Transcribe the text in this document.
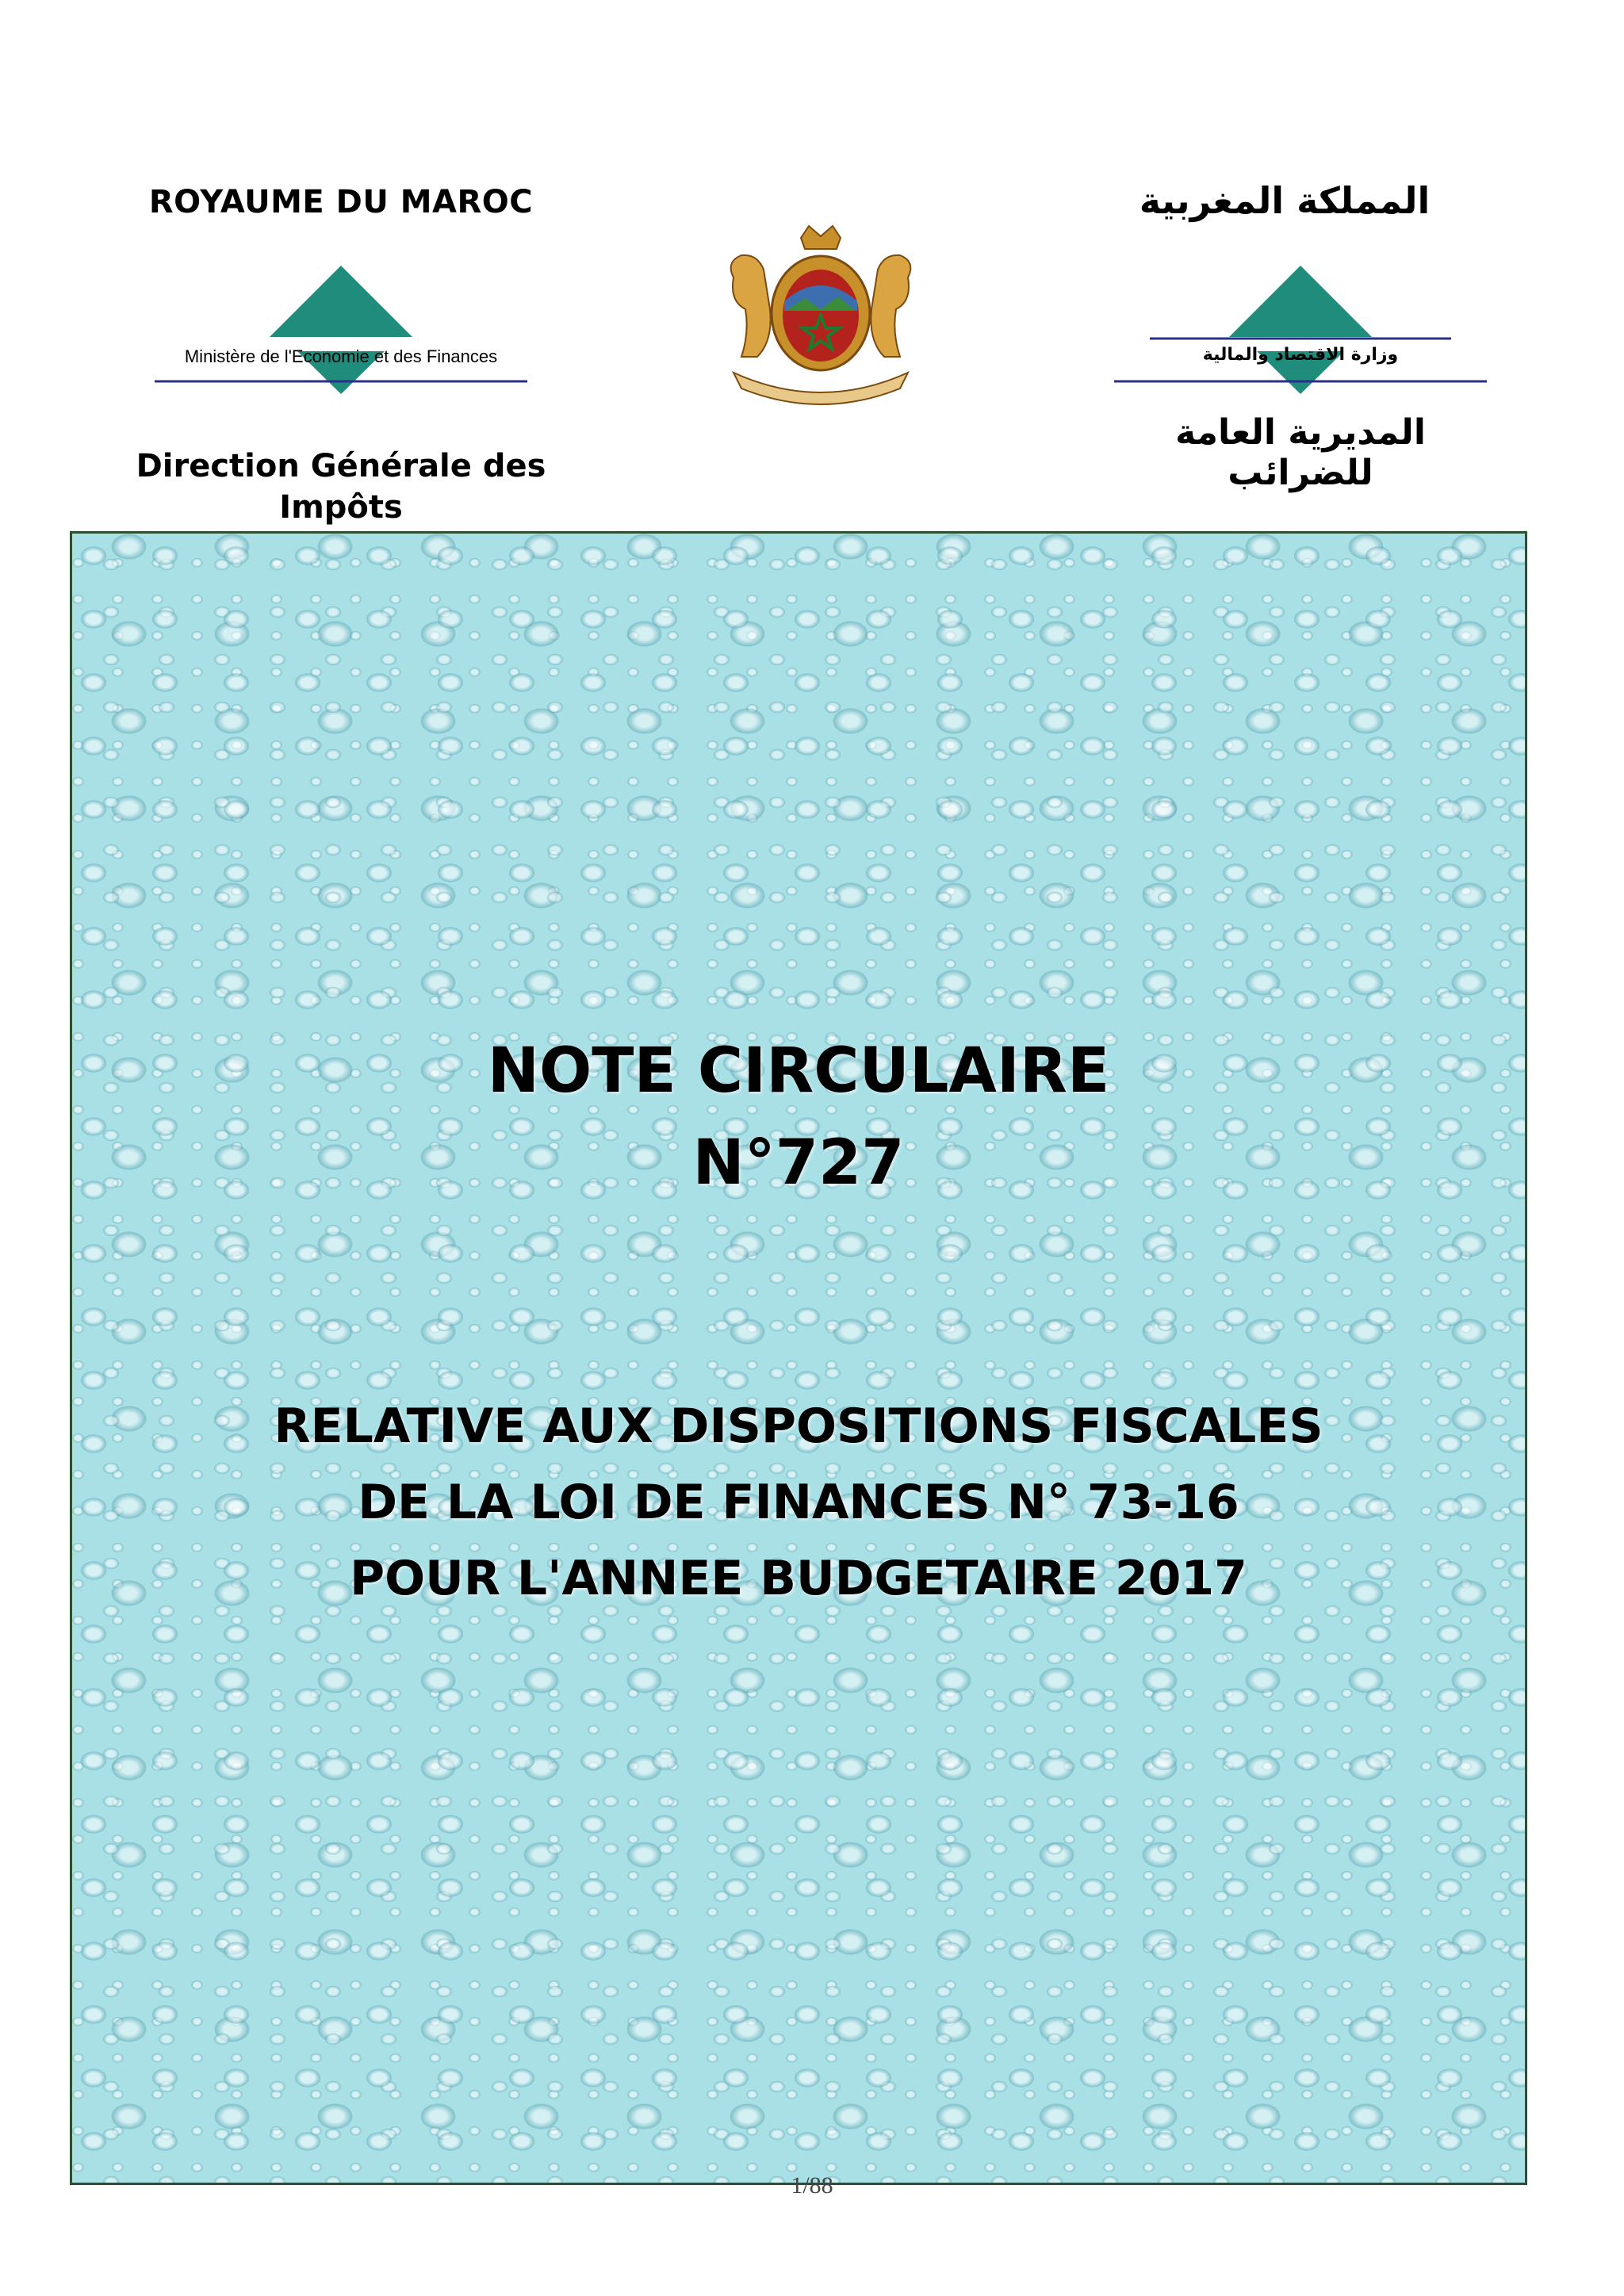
ROYAUME DU MAROC
Ministère de l'Economie et des Finances
Direction Générale des
Impôts
المملكة المغربية
وزارة الاقتصاد والمالية
المديرية العامة للضرائب
NOTE CIRCULAIRE
N°727
RELATIVE AUX DISPOSITIONS FISCALES
DE LA LOI DE FINANCES N° 73-16
POUR L'ANNEE BUDGETAIRE 2017
1/88
